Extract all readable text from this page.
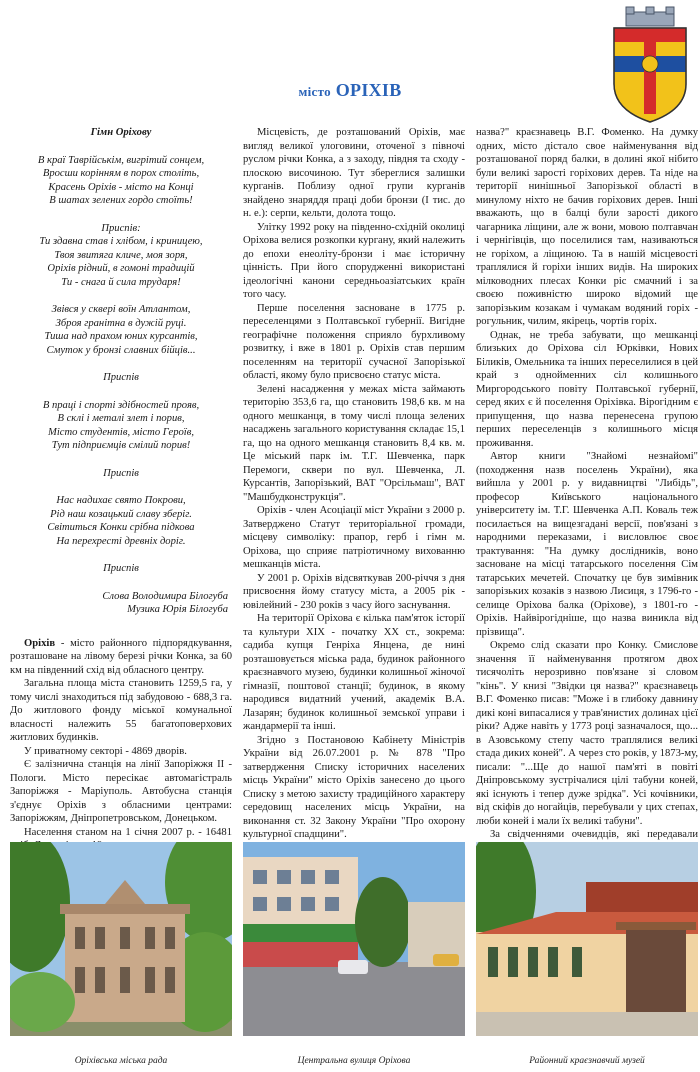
місто ОРІХІВ
Гімн Оріхову
В краї Таврійськім, вигрітий сонцем,
Вросши корінням в порох століть,
Красень Оріхів - місто на Конці
В шатах зелених гордо стоїть!
Приспів:
Ти здавна став і хлібом, і криницею,
Твоя звитяга кличе, моя зоря,
Оріхів рідний, в гомоні традицій
Ти - снага й сила трударя!
Звівся у сквері воїн Атлантом,
Зброя гранітна в дужій руці.
Тиша над прахом юних курсантів,
Смуток у бронзі славних бійців...
Приспів
В праці і спорті здібностей прояв,
В склі і металі злет і порив,
Місто студентів, місто Героїв,
Тут підприємців смілий порив!
Приспів
Нас надихає свято Покрови,
Рід наш козацький славу зберіг.
Світиться Конки срібна підкова
На перехресті древніх доріг.
Приспів
Слова Володимира Білогуба
Музика Юрія Білогуба

Оріхів - місто районного підпорядкування, розташоване на лівому березі річки Конка, за 60 км на південний схід від обласного центру.

Загальна площа міста становить 1259,5 га, у тому числі знаходиться під забудовою - 688,3 га. До житлового фонду міської комунальної власності належить 55 багатоповерхових житлових будинків.

У приватному секторі - 4869 дворів.

Є залізнична станція на лінії Запоріжжя II - Пологи. Місто пересікає автомагістраль Запоріжжя - Маріуполь. Автобусна станція з'єднує Оріхів з обласними центрами: Запоріжжям, Дніпропетровськом, Донецьком.

Населення станом на 1 січня 2007 р. - 16481

Місцевість, де розташований Оріхів, має вигляд великої улоговини, оточеної з півночі руслом річки Конка, а з заходу, півдня та сходу - плоскою височиною. Тут збереглися залишки курганів. Поблизу одної групи курганів знайдено знаряддя праці доби бронзи (I тис. до н. е.): серпи, кельти, долота тощо.

Улітку 1992 року на південно-східній околиці Оріхова велися розкопки кургану, який належить до епохи енеоліту-бронзи і має історичну цінність. При його спорудженні використані ідеологічні канони середньоазіатських країн того часу.

Перше поселення засноване в 1775 р. переселенцями з Полтавської губернії. Вигідне географічне положення сприяло бурхливому розвитку, і вже в 1801 р. Оріхів став першим поселенням на території сучасної Запорізької області, якому було присвоєно статус міста.

Зелені насадження у межах міста займають територію 353,6 га, що становить 198,6 кв. м на одного мешканця, в тому числі площа зелених насаджень загального користування складає 15,1 га, що на одного мешканця становить 8,4 кв. м. Це міський парк ім. Т.Г. Шевченка, парк Перемоги, сквери по вул. Шевченка, Л. Курсантів, Запорізький, ВАТ "Орсільмаш", ВАТ "Машбудконструкція".

Оріхів - член Асоціації міст України з 2000 р. Затверджено Статут територіальної громади, місцеву символіку: прапор, герб і гімн м. Оріхова, що сприяє патріотичному вихованню мешканців міста.

У 2001 р. Оріхів відсвяткував 200-річчя з дня присвоєння йому статусу міста, а 2005 рік - ювілейний - 230 років з часу його заснування.

На території Оріхова є кілька пам'яток історії та культури XIX - початку XX ст., зокрема: садиба купця Генріха Янцена, де нині розташовується міська рада, будинок районного краєзнавчого музею, будинки колишньої жіночої гімназії, поштової станції; будинок, в якому народився видатний учений, академік В.А. Лазарян; будинок колишньої земської управи і жандармерії та інші.

Згідно з Постановою Кабінету Міністрів України від 26.07.2001 р. № 878 "Про затвердження Списку історичних населених місць України" місто Оріхів занесено до цього Списку з метою захисту традиційного характеру середовищ населених місць України, на виконання ст. 32 Закону України "Про охорону культурної спадщини".

назва?" краєзнавець В.Г. Фоменко. На думку одних, місто дістало свое найменування від розташованої поряд балки, в долині якої нібито були великі зарості горіхових дерев. Та ніде на території нинішньої Запорізької області в минулому ніхто не бачив горіхових дерев. Інші вважають, що в балці були зарості дикого чагарника ліщини, але ж вони, мовою полтавчан і чернігівців, що поселилися там, називаються не горіхом, а ліщиною. Та в нашій місцевості траплялися й горіхи інших видів. На широких мілководних плесах Конки ріс смачний і за своєю поживністю широко відомий ще запорізьким козакам і чумакам водяний горіх - рогульник, чилим, якірець, чортів горіх.

Однак, не треба забувати, що мешканці близьких до Оріхова сіл Юрківки, Нових Біликів, Омельника та інших переселилися в цей край з однойменних сіл колишнього Миргородського повіту Полтавської губернії, серед яких є й поселення Оріхівка. Вірогідним є припущення, що назва перенесена групою перших переселенців з колишнього місця проживання.

Автор книги "Знайомі незнайомі" (походження назв поселень України), яка вийшла у 2001 р. у видавництві "Либідь", професор Київського національного університету ім. Т.Г. Шевченка А.П. Коваль теж посилається на вищезгадані версії, пов'язані з народними переказами, і висловлює своє трактування: "На думку дослідників, воно засноване на місці татарського поселення Сім татарських мечетей. Спочатку це був зимівник запорізьких козаків з назвою Лисиця, з 1796-го - селище Оріхова балка (Оріхове), з 1801-го - Оріхів. Найвірогідніше, що назва виникла від прізвища".

Окремо слід сказати про Конку. Смислове значення її найменування протягом двох тисячоліть нерозривно пов'язане зі словом "кінь". У книзі "Звідки ця назва?" краєзнавець В.Г. Фоменко писав: "Може і в глибоку давнину дикі коні випасалися у трав'янистих долинах цієї ріки? Адже навіть у 1773 році зазначалося, що... в Азовському степу часто траплялися великі стада диких коней". А через сто років, у 1873-му, писали: "...Ще до нашої пам'яті в повіті Дніпровському зустрічалися цілі табуни коней, які існують і тепер дуже зрідка". Усі кочівники, від скіфів до ногайців, перебували у цих степах, люби коней і мали їх великі табуни".

За свідченнями очевидців, які передавали

Оріхівська міська рада	Центральна вулиця Оріхова	Районний краєзнавчий музей
